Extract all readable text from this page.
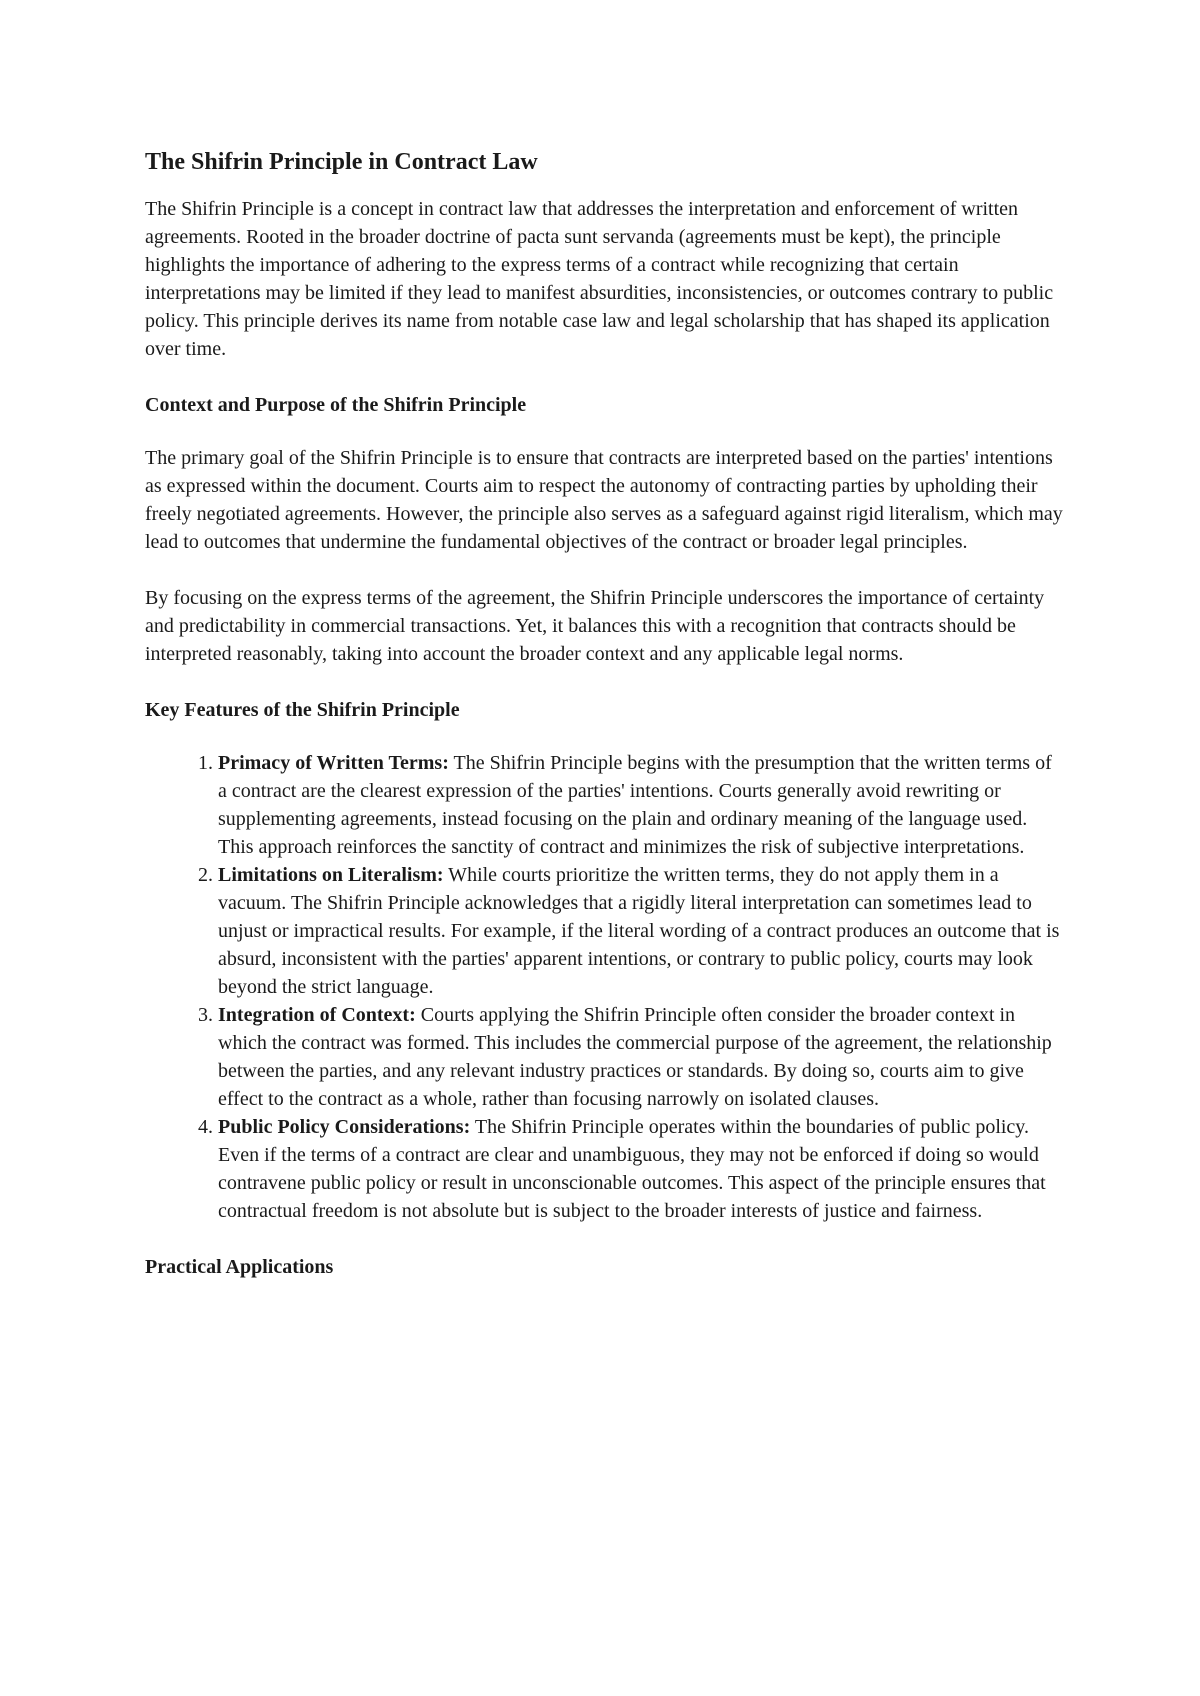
The Shifrin Principle in Contract Law

The Shifrin Principle is a concept in contract law that addresses the interpretation and enforcement of written agreements. Rooted in the broader doctrine of pacta sunt servanda (agreements must be kept), the principle highlights the importance of adhering to the express terms of a contract while recognizing that certain interpretations may be limited if they lead to manifest absurdities, inconsistencies, or outcomes contrary to public policy. This principle derives its name from notable case law and legal scholarship that has shaped its application over time.

Context and Purpose of the Shifrin Principle

The primary goal of the Shifrin Principle is to ensure that contracts are interpreted based on the parties' intentions as expressed within the document. Courts aim to respect the autonomy of contracting parties by upholding their freely negotiated agreements. However, the principle also serves as a safeguard against rigid literalism, which may lead to outcomes that undermine the fundamental objectives of the contract or broader legal principles.

By focusing on the express terms of the agreement, the Shifrin Principle underscores the importance of certainty and predictability in commercial transactions. Yet, it balances this with a recognition that contracts should be interpreted reasonably, taking into account the broader context and any applicable legal norms.

Key Features of the Shifrin Principle
1. Primacy of Written Terms: The Shifrin Principle begins with the presumption that the written terms of a contract are the clearest expression of the parties' intentions. Courts generally avoid rewriting or supplementing agreements, instead focusing on the plain and ordinary meaning of the language used. This approach reinforces the sanctity of contract and minimizes the risk of subjective interpretations.
2. Limitations on Literalism: While courts prioritize the written terms, they do not apply them in a vacuum. The Shifrin Principle acknowledges that a rigidly literal interpretation can sometimes lead to unjust or impractical results. For example, if the literal wording of a contract produces an outcome that is absurd, inconsistent with the parties' apparent intentions, or contrary to public policy, courts may look beyond the strict language.
3. Integration of Context: Courts applying the Shifrin Principle often consider the broader context in which the contract was formed. This includes the commercial purpose of the agreement, the relationship between the parties, and any relevant industry practices or standards. By doing so, courts aim to give effect to the contract as a whole, rather than focusing narrowly on isolated clauses.
4. Public Policy Considerations: The Shifrin Principle operates within the boundaries of public policy. Even if the terms of a contract are clear and unambiguous, they may not be enforced if doing so would contravene public policy or result in unconscionable outcomes. This aspect of the principle ensures that contractual freedom is not absolute but is subject to the broader interests of justice and fairness.
Practical Applications
